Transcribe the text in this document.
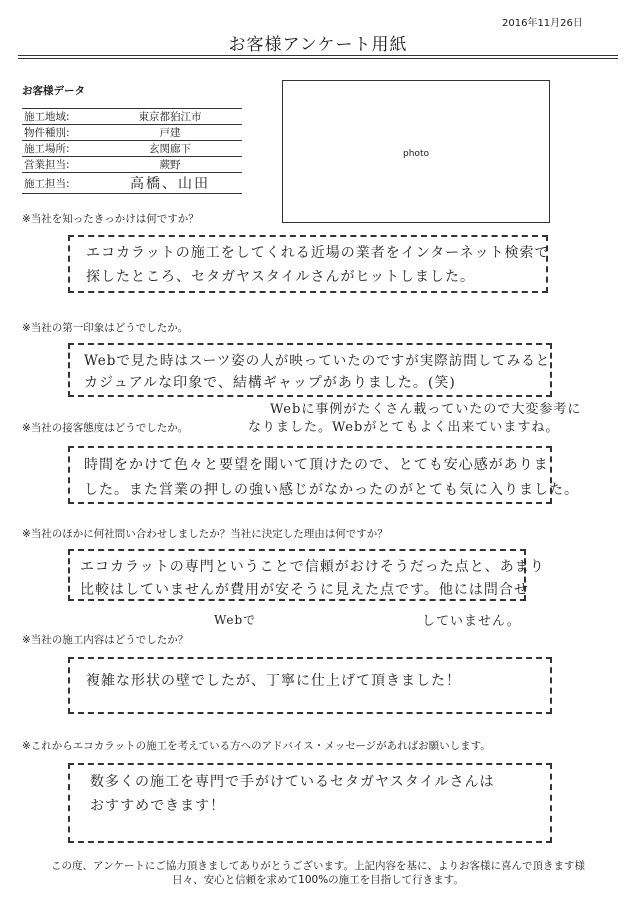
2016年11月26日
お客様アンケート用紙
お客様データ
施工地域:	東京都狛江市
物件種別:	戸建
施工場所:	玄関廊下
営業担当:	蕨野
施工担当:	高橋、山田
photo
※当社を知ったきっかけは何ですか？
エコカラットの施工をしてくれる近場の業者をインターネット検索で
探したところ、セタガヤスタイルさんがヒットしました。
※当社の第一印象はどうでしたか。
Webで見た時はスーツ姿の人が映っていたのですが実際訪問してみると
カジュアルな印象で、結構ギャップがありました。(笑)
Webに事例がたくさん載っていたので大変参考に
なりました。Webがとてもよく出来ていますね。
※当社の接客態度はどうでしたか。
時間をかけて色々と要望を聞いて頂けたので、とても安心感がありま
した。また営業の押しの強い感じがなかったのがとても気に入りました。
※当社のほかに何社問い合わせしましたか？当社に決定した理由は何ですか？
エコカラットの専門ということで信頼がおけそうだった点と、あまり
比較はしていませんが費用が安そうに見えた点です。他には問合せ
Webで	していません。
※当社の施工内容はどうでしたか？
複雑な形状の壁でしたが、丁寧に仕上げて頂きました！
※これからエコカラットの施工を考えている方へのアドバイス・メッセージがあればお願いします。
数多くの施工を専門で手がけているセタガヤスタイルさんは
おすすめできます！
この度、アンケートにご協力頂きましてありがとうございます。上記内容を基に、よりお客様に喜んで頂きます様
日々、安心と信頼を求めて100%の施工を目指して行きます。
